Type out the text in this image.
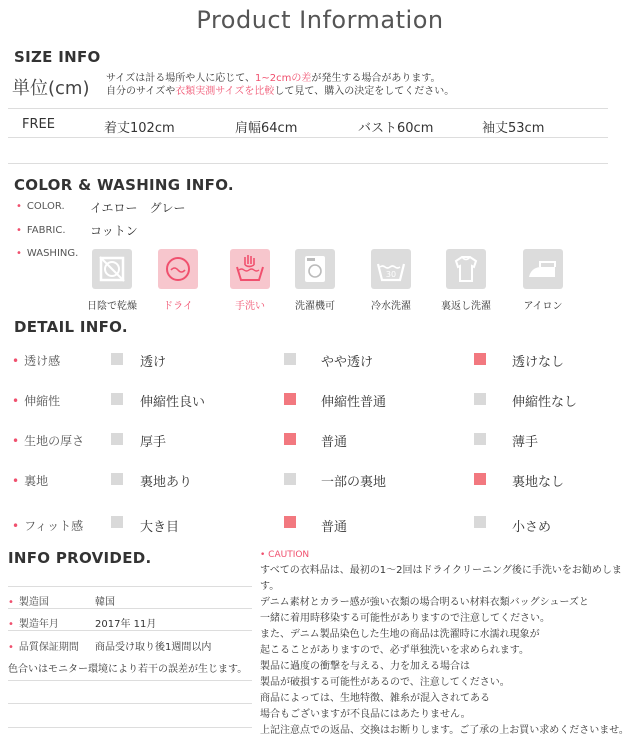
Product Information
SIZE INFO
単位(cm) サイズは計る場所や人に応じて、1~2cmの差が発生する場合があります。
自分のサイズや衣類実測サイズを比較して見て、購入の決定をしてください。
FREE	着丈102cm	肩幅64cm	バスト60cm	袖丈53cm
COLOR & WASHING INFO.
• COLOR. イエロー　グレー
• FABRIC. コットン
• WASHING.
30
日陰で乾燥	ドライ	手洗い	洗濯機可	冷水洗濯	裏返し洗濯	アイロン
DETAIL INFO.
• 透け感	透け	やや透け	透けなし
• 伸縮性	伸縮性良い	伸縮性普通	伸縮性なし
• 生地の厚さ	厚手	普通	薄手
• 裏地	裏地あり	一部の裏地	裏地なし
• フィット感	大き目	普通	小さめ
INFO PROVIDED.
• 製造国	韓国
• 製造年月	2017年 11月
• 品質保証期間 商品受け取り後1週間以内
色合いはモニター環境により若干の誤差が生じます。
• CAUTION
すべての衣料品は、最初の1～2回はドライクリーニング後に手洗いをお勧めします。
デニム素材とカラー感が強い衣類の場合明るい材料衣類バッグシューズと
一緒に着用時移染する可能性がありますので注意してください。
また、デニム製品染色した生地の商品は洗濯時に水濡れ現象が
起こることがありますので、必ず単独洗いを求められます。
製品に過度の衝撃を与える、力を加える場合は
製品が破損する可能性があるので、注意してください。
商品によっては、生地特徴、雑糸が混入されてある
場合もございますが不良品にはあたりません。
上記注意点での返品、交換はお断りします。ご了承の上お買い求めくださいませ。
